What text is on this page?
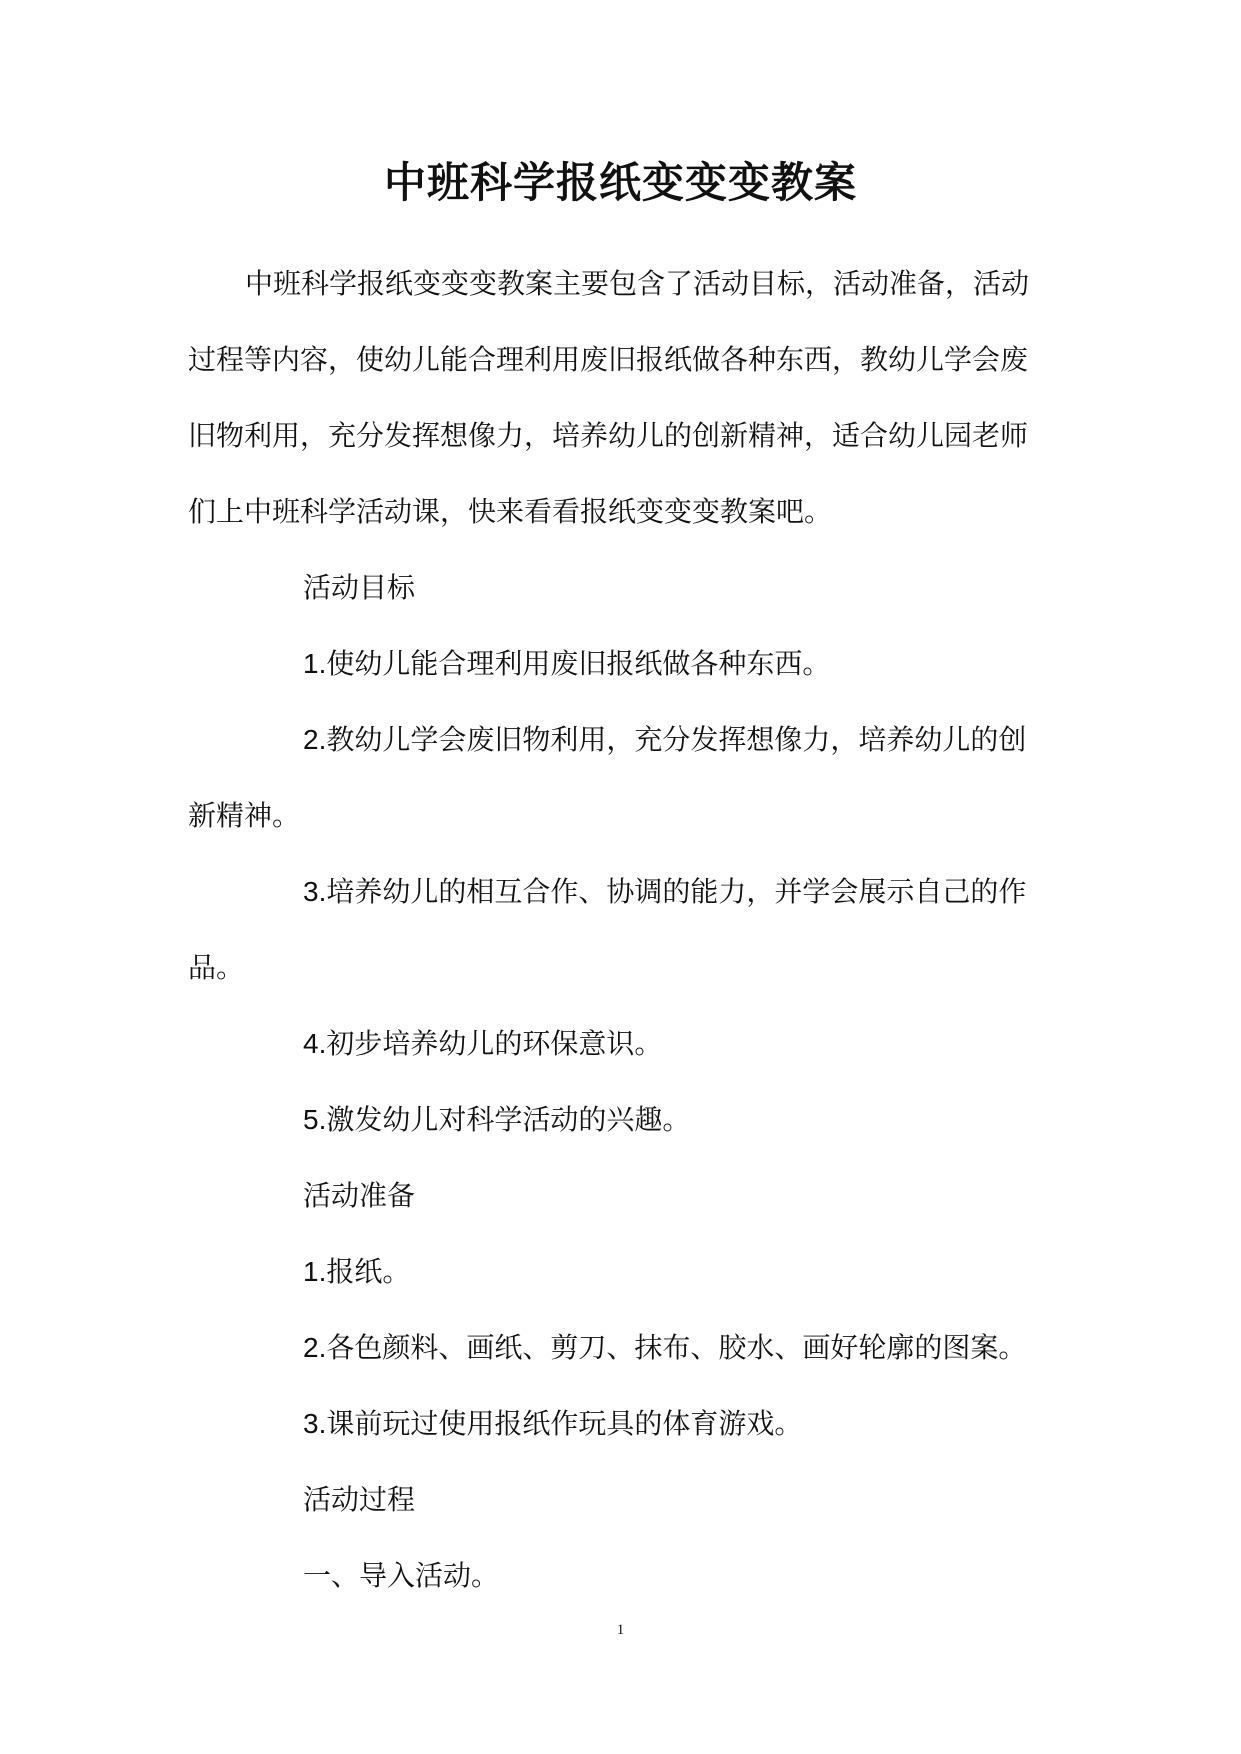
中班科学报纸变变变教案

中班科学报纸变变变教案主要包含了活动目标，活动准备，活动

过程等内容，使幼儿能合理利用废旧报纸做各种东西，教幼儿学会废

旧物利用，充分发挥想像力，培养幼儿的创新精神，适合幼儿园老师

们上中班科学活动课，快来看看报纸变变变教案吧。

活动目标

1.使幼儿能合理利用废旧报纸做各种东西。

2.教幼儿学会废旧物利用，充分发挥想像力，培养幼儿的创

新精神。

3.培养幼儿的相互合作、协调的能力，并学会展示自己的作

品。

4.初步培养幼儿的环保意识。

5.激发幼儿对科学活动的兴趣。

活动准备

1.报纸。

2.各色颜料、画纸、剪刀、抹布、胶水、画好轮廓的图案。

3.课前玩过使用报纸作玩具的体育游戏。

活动过程

一、导入活动。

1
